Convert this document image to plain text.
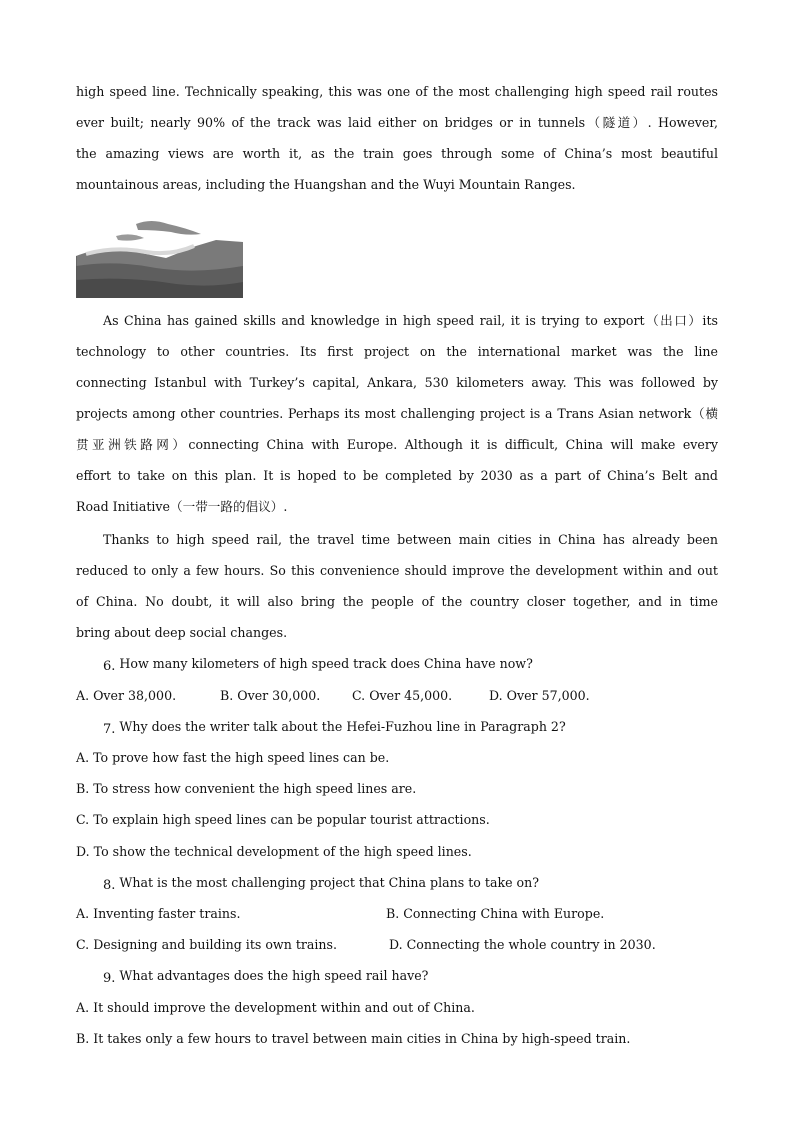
high speed line. Technically speaking, this was one of the most challenging high speed rail routes
ever built; nearly 90% of the track was laid either on bridges or in tunnels（隧道）. However,
the amazing views are worth it, as the train goes through some of China’s most beautiful
mountainous areas, including the Huangshan and the Wuyi Mountain Ranges.
As China has gained skills and knowledge in high speed rail, it is trying to export（出口）its
technology to other countries. Its first project on the international market was the line
connecting Istanbul with Turkey’s capital, Ankara, 530 kilometers away. This was followed by
projects among other countries. Perhaps its most challenging project is a Trans Asian network（横
贯亚洲铁路网）connecting China with Europe. Although it is difficult, China will make every
effort to take on this plan. It is hoped to be completed by 2030 as a part of China’s Belt and
Road Initiative（一带一路的倡议）.
Thanks to high speed rail, the travel time between main cities in China has already been
reduced to only a few hours. So this convenience should improve the development within and out
of China. No doubt, it will also bring the people of the country closer together, and in time
bring about deep social changes.
6. How many kilometers of high speed track does China have now?
A. Over 38,000.	B. Over 30,000.	C. Over 45,000.	D. Over 57,000.
7. Why does the writer talk about the Hefei-Fuzhou line in Paragraph 2?
A. To prove how fast the high speed lines can be.
B. To stress how convenient the high speed lines are.
C. To explain high speed lines can be popular tourist attractions.
D. To show the technical development of the high speed lines.
8. What is the most challenging project that China plans to take on?
A. Inventing faster trains.	B. Connecting China with Europe.
C. Designing and building its own trains.	D. Connecting the whole country in 2030.
9. What advantages does the high speed rail have?
A. It should improve the development within and out of China.
B. It takes only a few hours to travel between main cities in China by high-speed train.
